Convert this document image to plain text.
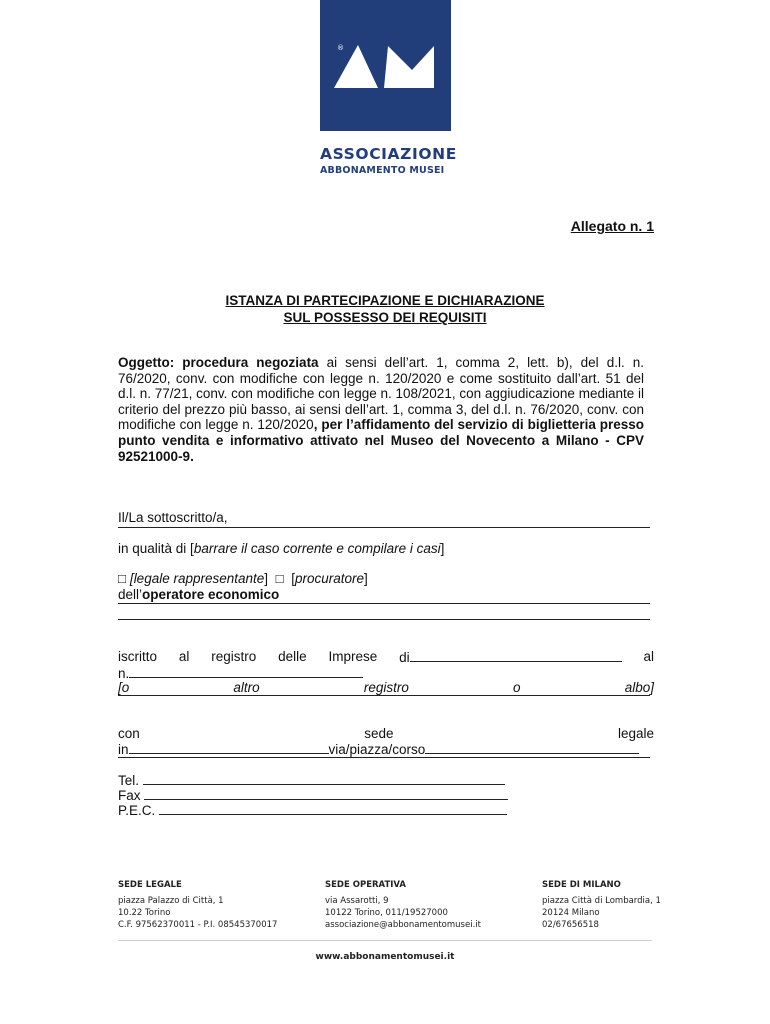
®
ASSOCIAZIONE
ABBONAMENTO MUSEI
Allegato n. 1
ISTANZA DI PARTECIPAZIONE E DICHIARAZIONE
SUL POSSESSO DEI REQUISITI
Oggetto: procedura negoziata ai sensi dell’art. 1, comma 2, lett. b), del d.l. n. 76/2020, conv. con modifiche con legge n. 120/2020 e come sostituito dall’art. 51 del d.l. n. 77/21, conv. con modifiche con legge n. 108/2021, con aggiudicazione mediante il criterio del prezzo più basso, ai sensi dell’art. 1, comma 3, del d.l. n. 76/2020, conv. con modifiche con legge n. 120/2020, per l’affidamento del servizio di biglietteria presso punto vendita e informativo attivato nel Museo del Novecento a Milano - CPV 92521000-9.
Il/La sottoscritto/a,
in qualità di [barrare il caso corrente e compilare i casi]
□ [legale rappresentante]  □  [procuratore]
dell’operatore economico
iscritto al registro delle Imprese di	al
n.
[o	altro	registro	o	albo]
con	sede	legale
in	via/piazza/corso
Tel.
Fax
P.E.C.
SEDE LEGALE
piazza Palazzo di Città, 1
10.22 Torino
C.F. 97562370011 - P.I. 08545370017
SEDE OPERATIVA
via Assarotti, 9
10122 Torino, 011/19527000
associazione@abbonamentomusei.it
SEDE DI MILANO
piazza Città di Lombardia, 1
20124 Milano
02/67656518
www.abbonamentomusei.it
